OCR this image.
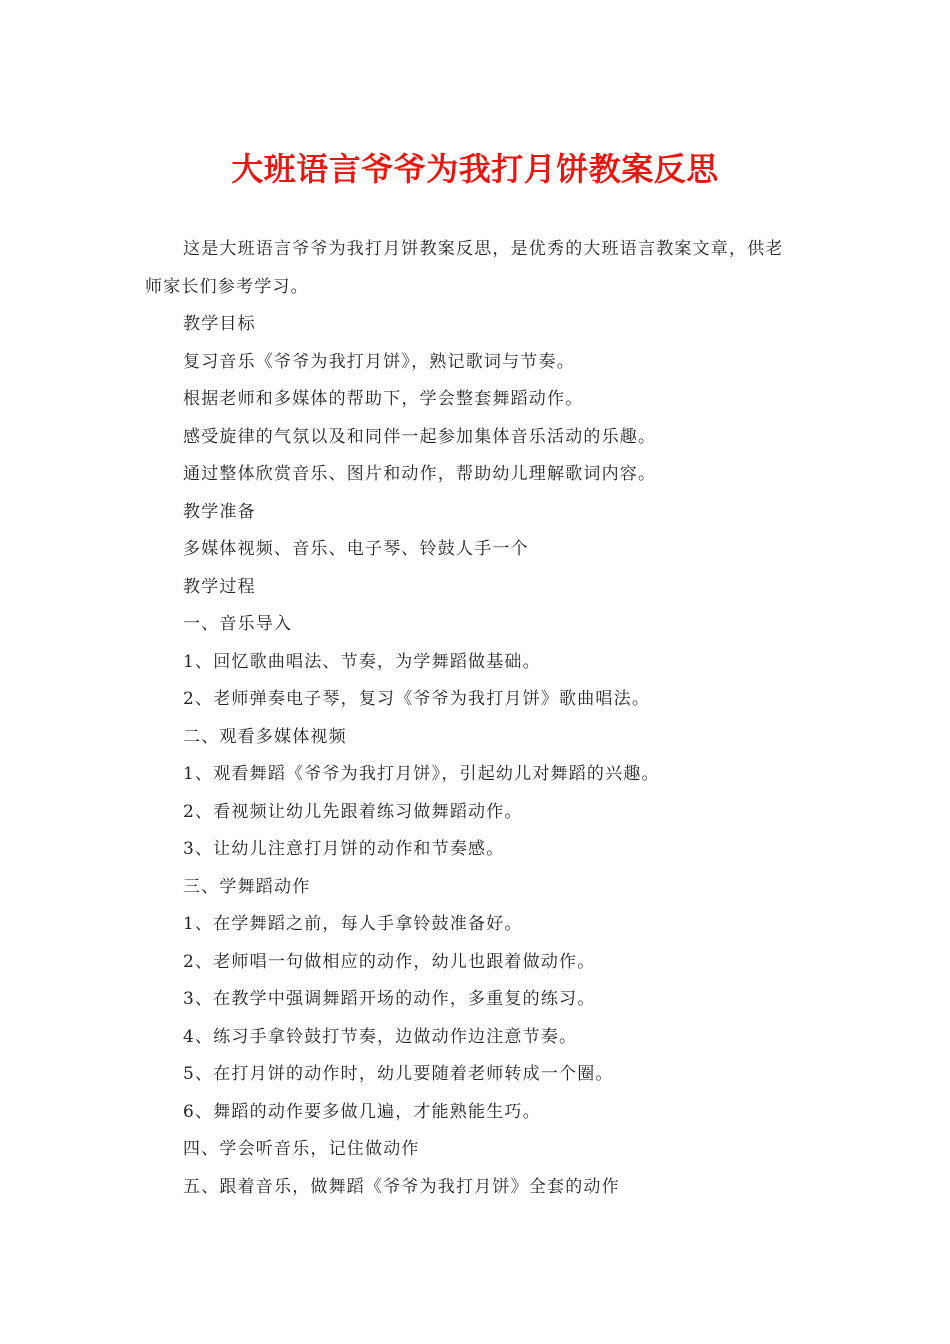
大班语言爷爷为我打月饼教案反思

这是大班语言爷爷为我打月饼教案反思，是优秀的大班语言教案文章，供老师家长们参考学习。

教学目标

复习音乐《爷爷为我打月饼》，熟记歌词与节奏。

根据老师和多媒体的帮助下，学会整套舞蹈动作。

感受旋律的气氛以及和同伴一起参加集体音乐活动的乐趣。

通过整体欣赏音乐、图片和动作，帮助幼儿理解歌词内容。

教学准备

多媒体视频、音乐、电子琴、铃鼓人手一个

教学过程

一、音乐导入

1、回忆歌曲唱法、节奏，为学舞蹈做基础。

2、老师弹奏电子琴，复习《爷爷为我打月饼》歌曲唱法。

二、观看多媒体视频

1、观看舞蹈《爷爷为我打月饼》，引起幼儿对舞蹈的兴趣。

2、看视频让幼儿先跟着练习做舞蹈动作。

3、让幼儿注意打月饼的动作和节奏感。

三、学舞蹈动作

1、在学舞蹈之前，每人手拿铃鼓准备好。

2、老师唱一句做相应的动作，幼儿也跟着做动作。

3、在教学中强调舞蹈开场的动作，多重复的练习。

4、练习手拿铃鼓打节奏，边做动作边注意节奏。

5、在打月饼的动作时，幼儿要随着老师转成一个圈。

6、舞蹈的动作要多做几遍，才能熟能生巧。

四、学会听音乐，记住做动作

五、跟着音乐，做舞蹈《爷爷为我打月饼》全套的动作
